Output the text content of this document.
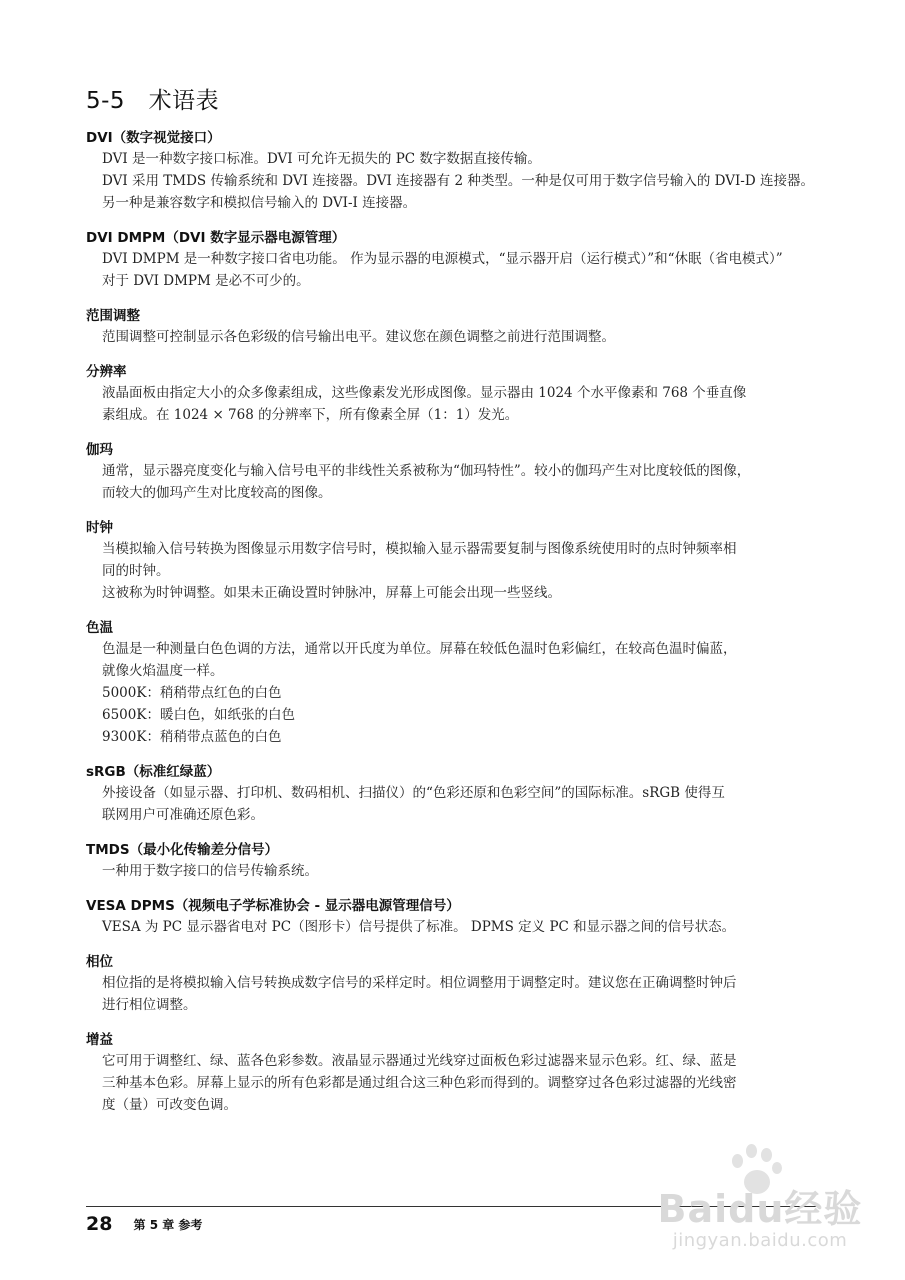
5-5　术语表
DVI（数字视觉接口）
DVI 是一种数字接口标准。DVI 可允许无损失的 PC 数字数据直接传输。
DVI 采用 TMDS 传输系统和 DVI 连接器。DVI 连接器有 2 种类型。一种是仅可用于数字信号输入的 DVI-D 连接器。
另一种是兼容数字和模拟信号输入的 DVI-I 连接器。
DVI DMPM（DVI 数字显示器电源管理）
DVI DMPM 是一种数字接口省电功能。 作为显示器的电源模式，“显示器开启（运行模式）”和“休眠（省电模式）”
对于 DVI DMPM 是必不可少的。
范围调整
范围调整可控制显示各色彩级的信号输出电平。建议您在颜色调整之前进行范围调整。
分辨率
液晶面板由指定大小的众多像素组成，这些像素发光形成图像。显示器由 1024 个水平像素和 768 个垂直像
素组成。在 1024 × 768 的分辨率下，所有像素全屏（1：1）发光。
伽玛
通常，显示器亮度变化与输入信号电平的非线性关系被称为“伽玛特性”。较小的伽玛产生对比度较低的图像，
而较大的伽玛产生对比度较高的图像。
时钟
当模拟输入信号转换为图像显示用数字信号时，模拟输入显示器需要复制与图像系统使用时的点时钟频率相
同的时钟。
这被称为时钟调整。如果未正确设置时钟脉冲，屏幕上可能会出现一些竖线。
色温
色温是一种测量白色色调的方法，通常以开氏度为单位。屏幕在较低色温时色彩偏红，在较高色温时偏蓝，
就像火焰温度一样。
5000K：稍稍带点红色的白色
6500K：暖白色，如纸张的白色
9300K：稍稍带点蓝色的白色
sRGB（标准红绿蓝）
外接设备（如显示器、打印机、数码相机、扫描仪）的“色彩还原和色彩空间”的国际标准。sRGB 使得互
联网用户可准确还原色彩。
TMDS（最小化传输差分信号）
一种用于数字接口的信号传输系统。
VESA DPMS（视频电子学标准协会 - 显示器电源管理信号）
VESA 为 PC 显示器省电对 PC（图形卡）信号提供了标准。 DPMS 定义 PC 和显示器之间的信号状态。
相位
相位指的是将模拟输入信号转换成数字信号的采样定时。相位调整用于调整定时。建议您在正确调整时钟后
进行相位调整。
增益
它可用于调整红、绿、蓝各色彩参数。液晶显示器通过光线穿过面板色彩过滤器来显示色彩。红、绿、蓝是
三种基本色彩。屏幕上显示的所有色彩都是通过组合这三种色彩而得到的。调整穿过各色彩过滤器的光线密
度（量）可改变色调。
28 第 5 章 参考	Baidu经验
jingyan.baidu.com
